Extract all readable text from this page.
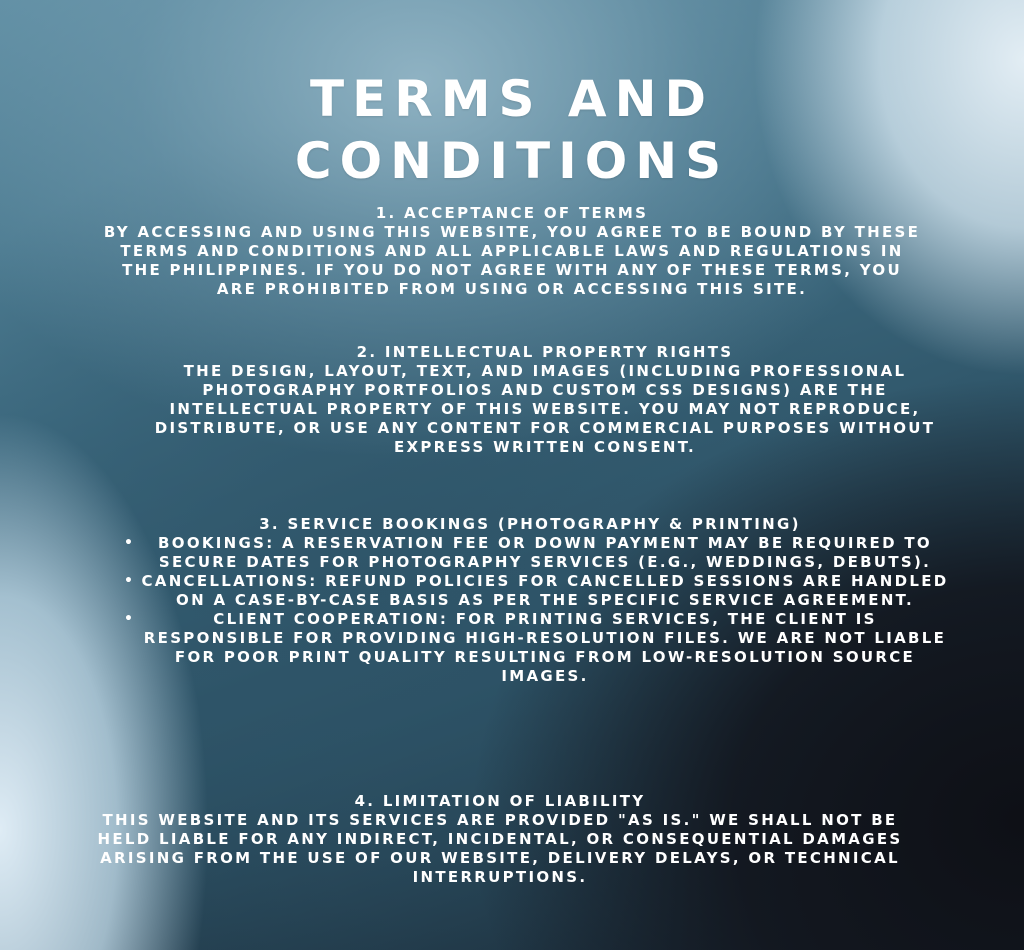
TERMS AND
CONDITIONS
1. ACCEPTANCE OF TERMS
BY ACCESSING AND USING THIS WEBSITE, YOU AGREE TO BE BOUND BY THESE TERMS AND CONDITIONS AND ALL APPLICABLE LAWS AND REGULATIONS IN THE PHILIPPINES. IF YOU DO NOT AGREE WITH ANY OF THESE TERMS, YOU ARE PROHIBITED FROM USING OR ACCESSING THIS SITE.
2. INTELLECTUAL PROPERTY RIGHTS
THE DESIGN, LAYOUT, TEXT, AND IMAGES (INCLUDING PROFESSIONAL PHOTOGRAPHY PORTFOLIOS AND CUSTOM CSS DESIGNS) ARE THE INTELLECTUAL PROPERTY OF THIS WEBSITE. YOU MAY NOT REPRODUCE, DISTRIBUTE, OR USE ANY CONTENT FOR COMMERCIAL PURPOSES WITHOUT EXPRESS WRITTEN CONSENT.
3. SERVICE BOOKINGS (PHOTOGRAPHY & PRINTING)
•	BOOKINGS: A RESERVATION FEE OR DOWN PAYMENT MAY BE REQUIRED TO SECURE DATES FOR PHOTOGRAPHY SERVICES (E.G., WEDDINGS, DEBUTS).
• CANCELLATIONS: REFUND POLICIES FOR CANCELLED SESSIONS ARE HANDLED ON A CASE-BY-CASE BASIS AS PER THE SPECIFIC SERVICE AGREEMENT.
•	CLIENT COOPERATION: FOR PRINTING SERVICES, THE CLIENT IS RESPONSIBLE FOR PROVIDING HIGH-RESOLUTION FILES. WE ARE NOT LIABLE FOR POOR PRINT QUALITY RESULTING FROM LOW-RESOLUTION SOURCE IMAGES.
4. LIMITATION OF LIABILITY
THIS WEBSITE AND ITS SERVICES ARE PROVIDED "AS IS." WE SHALL NOT BE HELD LIABLE FOR ANY INDIRECT, INCIDENTAL, OR CONSEQUENTIAL DAMAGES ARISING FROM THE USE OF OUR WEBSITE, DELIVERY DELAYS, OR TECHNICAL INTERRUPTIONS.
